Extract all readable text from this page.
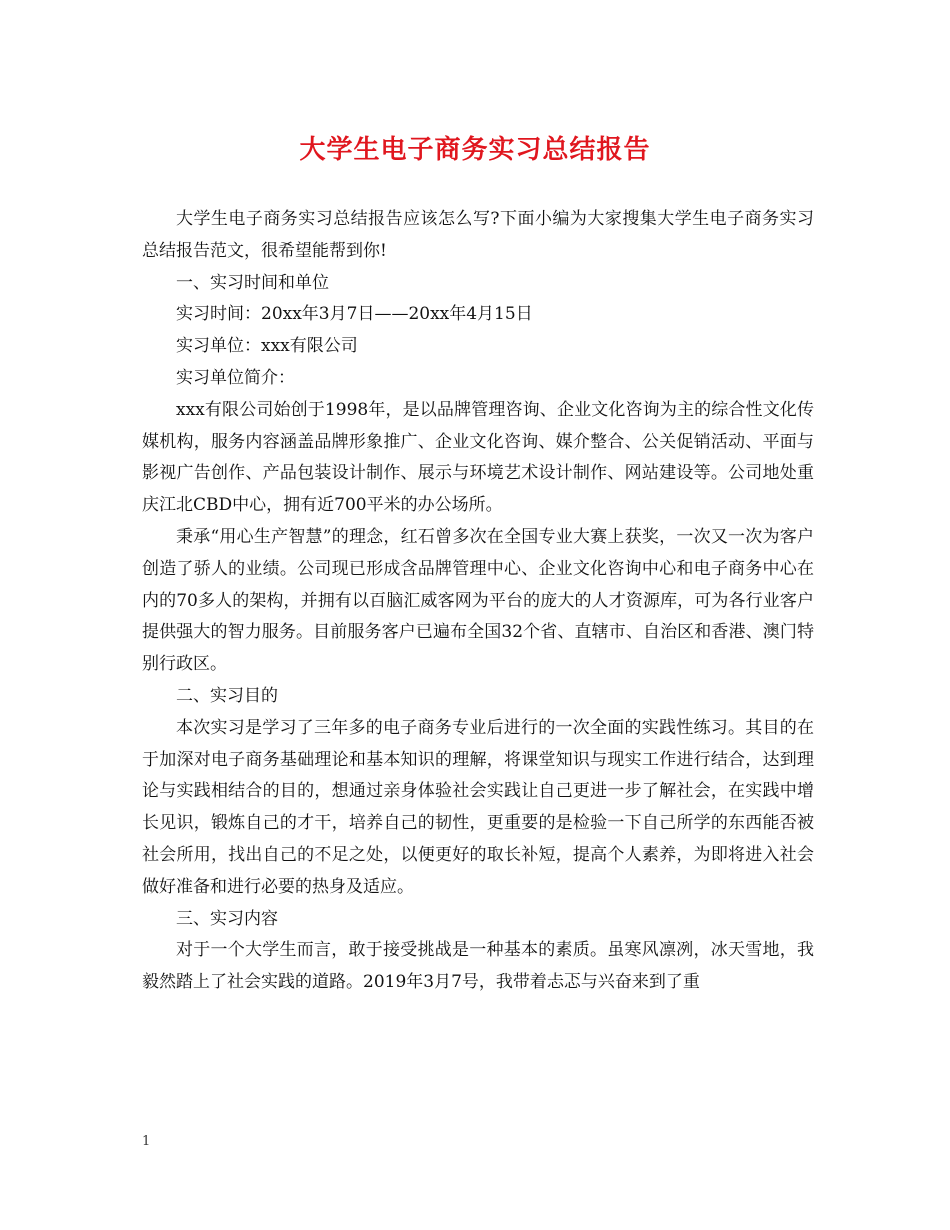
大学生电子商务实习总结报告

大学生电子商务实习总结报告应该怎么写?下面小编为大家搜集大学生电子商务实习总结报告范文，很希望能帮到你!

一、实习时间和单位

实习时间：20xx年3月7日——20xx年4月15日

实习单位：xxx有限公司

实习单位简介：

xxx有限公司始创于1998年，是以品牌管理咨询、企业文化咨询为主的综合性文化传媒机构，服务内容涵盖品牌形象推广、企业文化咨询、媒介整合、公关促销活动、平面与影视广告创作、产品包装设计制作、展示与环境艺术设计制作、网站建设等。公司地处重庆江北CBD中心，拥有近700平米的办公场所。

秉承“用心生产智慧”的理念，红石曾多次在全国专业大赛上获奖，一次又一次为客户创造了骄人的业绩。公司现已形成含品牌管理中心、企业文化咨询中心和电子商务中心在内的70多人的架构，并拥有以百脑汇威客网为平台的庞大的人才资源库，可为各行业客户提供强大的智力服务。目前服务客户已遍布全国32个省、直辖市、自治区和香港、澳门特别行政区。

二、实习目的

本次实习是学习了三年多的电子商务专业后进行的一次全面的实践性练习。其目的在于加深对电子商务基础理论和基本知识的理解，将课堂知识与现实工作进行结合，达到理论与实践相结合的目的，想通过亲身体验社会实践让自己更进一步了解社会，在实践中增长见识，锻炼自己的才干，培养自己的韧性，更重要的是检验一下自己所学的东西能否被社会所用，找出自己的不足之处，以便更好的取长补短，提高个人素养，为即将进入社会做好准备和进行必要的热身及适应。

三、实习内容

对于一个大学生而言，敢于接受挑战是一种基本的素质。虽寒风凛冽，冰天雪地，我毅然踏上了社会实践的道路。2019年3月7号，我带着忐忑与兴奋来到了重

1
